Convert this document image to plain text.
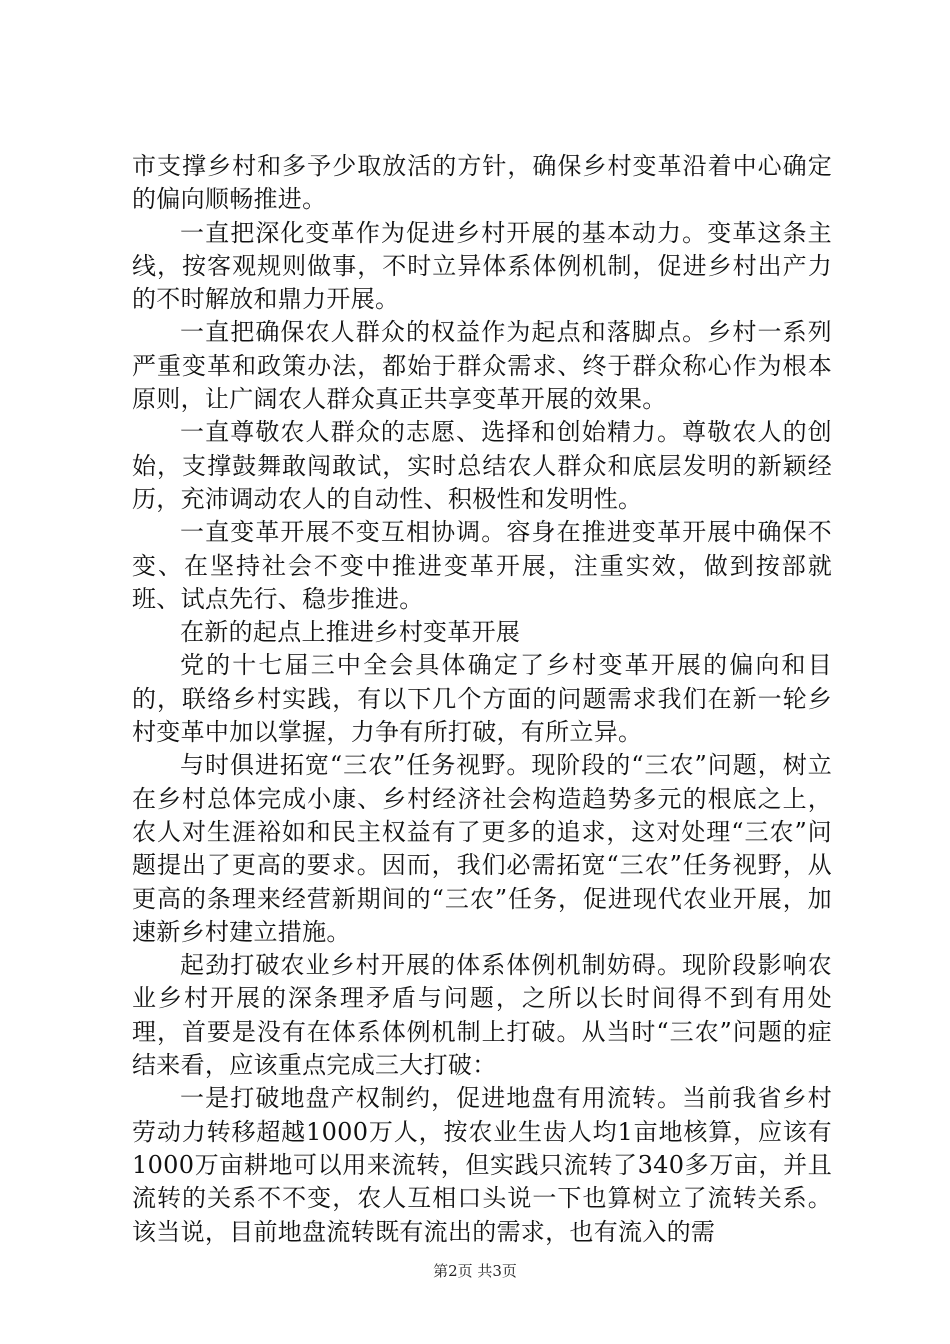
市支撑乡村和多予少取放活的方针，确保乡村变革沿着中心确定的偏向顺畅推进。

一直把深化变革作为促进乡村开展的基本动力。变革这条主线，按客观规则做事，不时立异体系体例机制，促进乡村出产力的不时解放和鼎力开展。

一直把确保农人群众的权益作为起点和落脚点。乡村一系列严重变革和政策办法，都始于群众需求、终于群众称心作为根本原则，让广阔农人群众真正共享变革开展的效果。

一直尊敬农人群众的志愿、选择和创始精力。尊敬农人的创始，支撑鼓舞敢闯敢试，实时总结农人群众和底层发明的新颖经历，充沛调动农人的自动性、积极性和发明性。

一直变革开展不变互相协调。容身在推进变革开展中确保不变、在坚持社会不变中推进变革开展，注重实效，做到按部就班、试点先行、稳步推进。

在新的起点上推进乡村变革开展

党的十七届三中全会具体确定了乡村变革开展的偏向和目的，联络乡村实践，有以下几个方面的问题需求我们在新一轮乡村变革中加以掌握，力争有所打破，有所立异。

与时俱进拓宽“三农”任务视野。现阶段的“三农”问题，树立在乡村总体完成小康、乡村经济社会构造趋势多元的根底之上，农人对生涯裕如和民主权益有了更多的追求，这对处理“三农”问题提出了更高的要求。因而，我们必需拓宽“三农”任务视野，从更高的条理来经营新期间的“三农”任务，促进现代农业开展，加速新乡村建立措施。

起劲打破农业乡村开展的体系体例机制妨碍。现阶段影响农业乡村开展的深条理矛盾与问题，之所以长时间得不到有用处理，首要是没有在体系体例机制上打破。从当时“三农”问题的症结来看，应该重点完成三大打破：

一是打破地盘产权制约，促进地盘有用流转。当前我省乡村劳动力转移超越1000万人，按农业生齿人均1亩地核算，应该有1000万亩耕地可以用来流转，但实践只流转了340多万亩，并且流转的关系不不变，农人互相口头说一下也算树立了流转关系。该当说，目前地盘流转既有流出的需求，也有流入的需

第2页 共3页
